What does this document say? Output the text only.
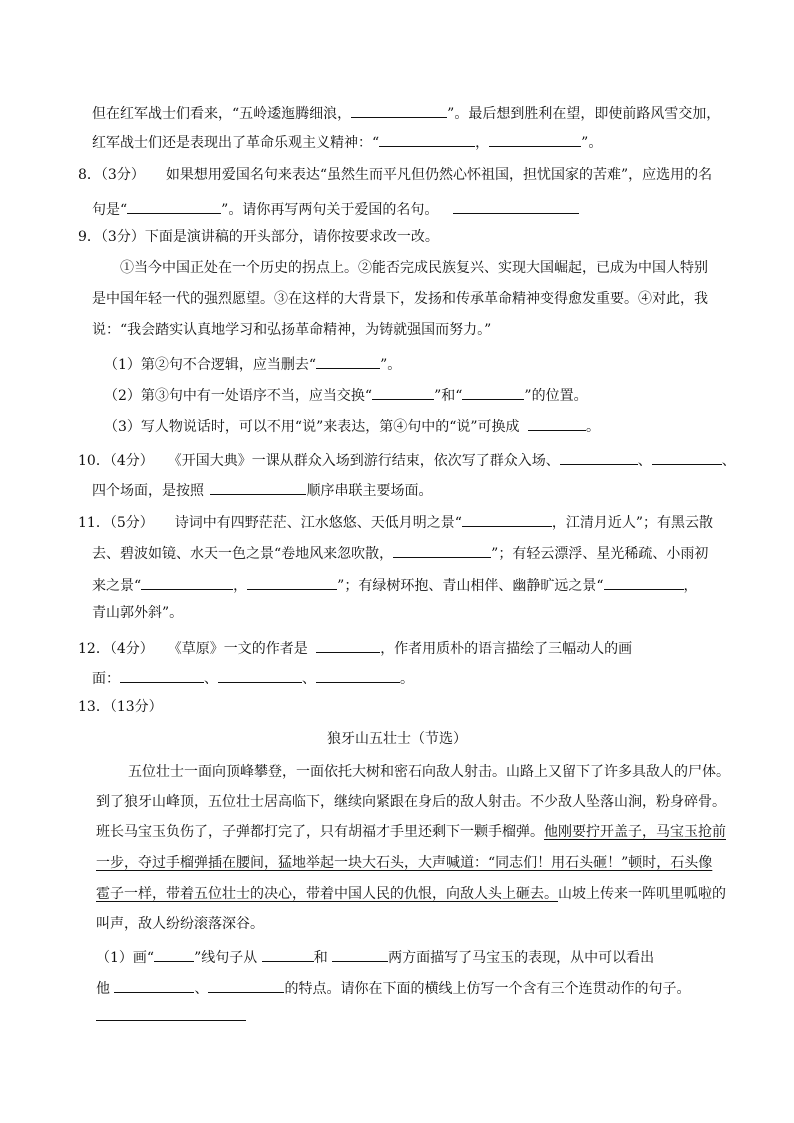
但在红军战士们看来，“五岭逶迤腾细浪，	”。最后想到胜利在望，即使前路风雪交加，
红军战士们还是表现出了革命乐观主义精神：“	，	”。
8．（3分）　　如果想用爱国名句来表达“虽然生而平凡但仍然心怀祖国，担忧国家的苦难”，应选用的名
句是“	”。请你再写两句关于爱国的名句。
9．（3分）下面是演讲稿的开头部分，请你按要求改一改。
①当今中国正处在一个历史的拐点上。②能否完成民族复兴、实现大国崛起，已成为中国人特别
是中国年轻一代的强烈愿望。③在这样的大背景下，发扬和传承革命精神变得愈发重要。④对此，我
说：“我会踏实认真地学习和弘扬革命精神，为铸就强国而努力。”
（1）第②句不合逻辑，应当删去“	”。
（2）第③句中有一处语序不当，应当交换“	”和“	”的位置。
（3）写人物说话时，可以不用“说”来表达，第④句中的“说”可换成	。
10．（4分）　　《开国大典》一课从群众入场到游行结束，依次写了群众入场、	、	、
四个场面，是按照	顺序串联主要场面。
11．（5分）　　诗词中有四野茫茫、江水悠悠、天低月明之景“	，江清月近人”；有黑云散
去、碧波如镜、水天一色之景“卷地风来忽吹散，	”；有轻云漂浮、星光稀疏、小雨初
来之景“	，	”；有绿树环抱、青山相伴、幽静旷远之景“	，
青山郭外斜”。
12．（4分）　　《草原》一文的作者是	，作者用质朴的语言描绘了三幅动人的画
面：	、	、	。
13．（13分）
狼牙山五壮士（节选）
五位壮士一面向顶峰攀登，一面依托大树和密石向敌人射击。山路上又留下了许多具敌人的尸体。
到了狼牙山峰顶，五位壮士居高临下，继续向紧跟在身后的敌人射击。不少敌人坠落山涧，粉身碎骨。
班长马宝玉负伤了，子弹都打完了，只有胡福才手里还剩下一颗手榴弹。他刚要拧开盖子，马宝玉抢前
一步，夺过手榴弹插在腰间，猛地举起一块大石头，大声喊道：“同志们！用石头砸！”顿时，石头像
雹子一样，带着五位壮士的决心，带着中国人民的仇恨，向敌人头上砸去。山坡上传来一阵叽里呱啦的
叫声，敌人纷纷滚落深谷。
（1）画“	”线句子从	和	两方面描写了马宝玉的表现，从中可以看出
他	、	的特点。请你在下面的横线上仿写一个含有三个连贯动作的句子。
